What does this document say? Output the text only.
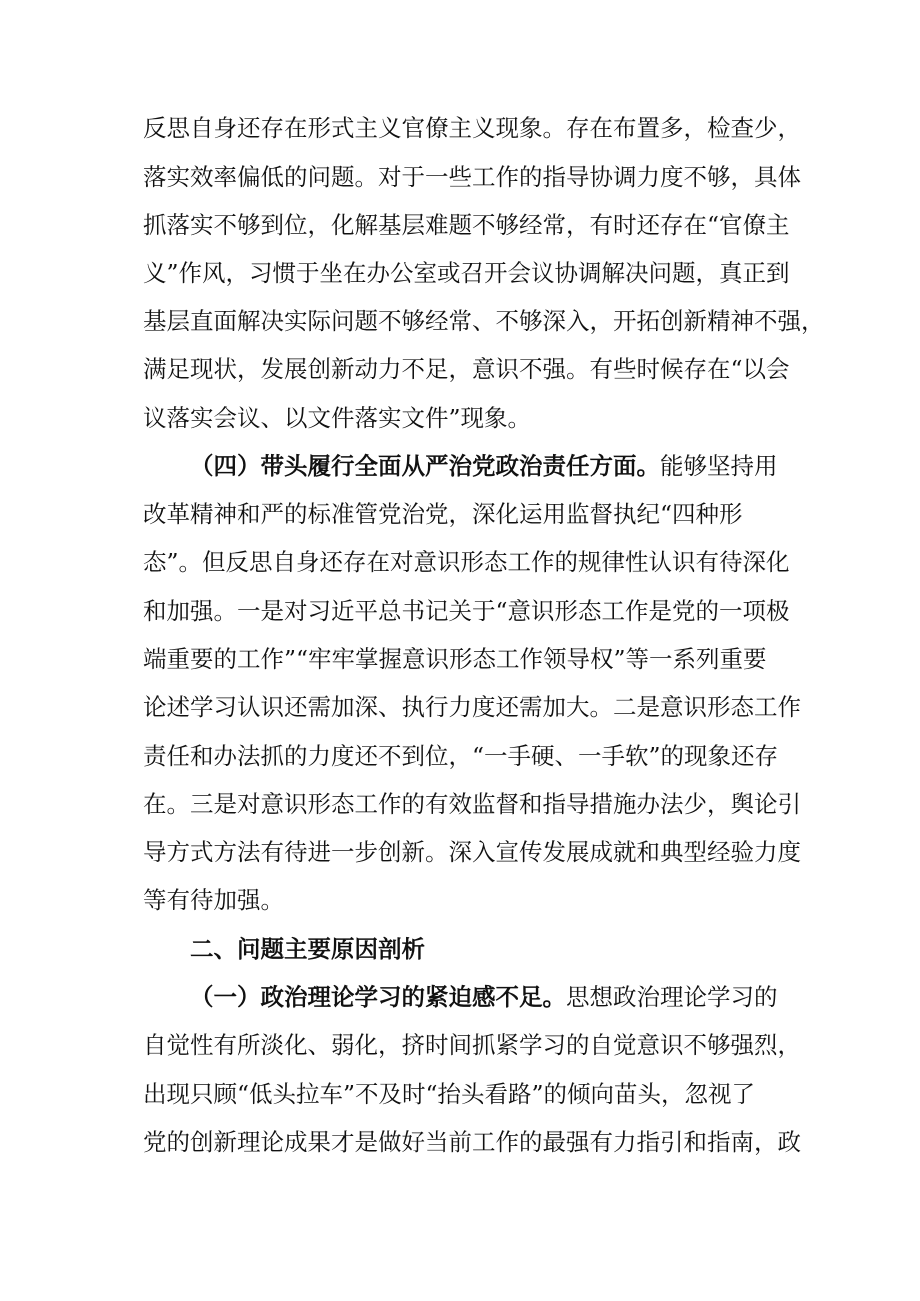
反思自身还存在形式主义官僚主义现象。存在布置多，检查少，
落实效率偏低的问题。对于一些工作的指导协调力度不够，具体
抓落实不够到位，化解基层难题不够经常，有时还存在“官僚主
义”作风，习惯于坐在办公室或召开会议协调解决问题，真正到
基层直面解决实际问题不够经常、不够深入，开拓创新精神不强，
满足现状，发展创新动力不足，意识不强。有些时候存在“以会
议落实会议、以文件落实文件”现象。
（四）带头履行全面从严治党政治责任方面。能够坚持用
改革精神和严的标准管党治党，深化运用监督执纪“四种形
态”。但反思自身还存在对意识形态工作的规律性认识有待深化
和加强。一是对习近平总书记关于“意识形态工作是党的一项极
端重要的工作”“牢牢掌握意识形态工作领导权”等一系列重要
论述学习认识还需加深、执行力度还需加大。二是意识形态工作
责任和办法抓的力度还不到位，“一手硬、一手软”的现象还存
在。三是对意识形态工作的有效监督和指导措施办法少，舆论引
导方式方法有待进一步创新。深入宣传发展成就和典型经验力度
等有待加强。
二、问题主要原因剖析
（一）政治理论学习的紧迫感不足。思想政治理论学习的
自觉性有所淡化、弱化，挤时间抓紧学习的自觉意识不够强烈，
出现只顾“低头拉车”不及时“抬头看路”的倾向苗头，忽视了
党的创新理论成果才是做好当前工作的最强有力指引和指南，政
